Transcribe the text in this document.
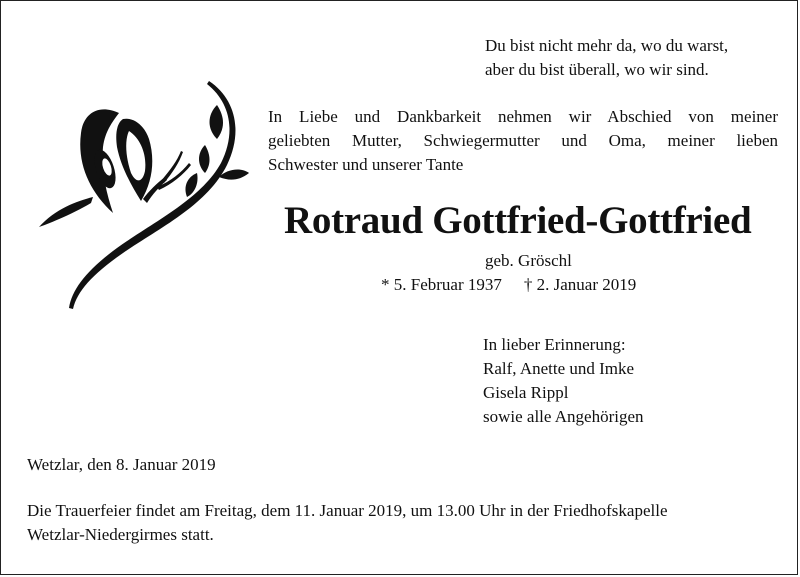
Du bist nicht mehr da, wo du warst,
aber du bist überall, wo wir sind.
In Liebe und Dankbarkeit nehmen wir Abschied von meiner
geliebten Mutter, Schwiegermutter und Oma, meiner lieben
Schwester und unserer Tante
Rotraud Gottfried-Gottfried
geb. Gröschl
* 5. Februar 1937 † 2. Januar 2019
In lieber Erinnerung:
Ralf, Anette und Imke
Gisela Rippl
sowie alle Angehörigen
Wetzlar, den 8. Januar 2019
Die Trauerfeier findet am Freitag, dem 11. Januar 2019, um 13.00 Uhr in der Friedhofskapelle
Wetzlar-Niedergirmes statt.
